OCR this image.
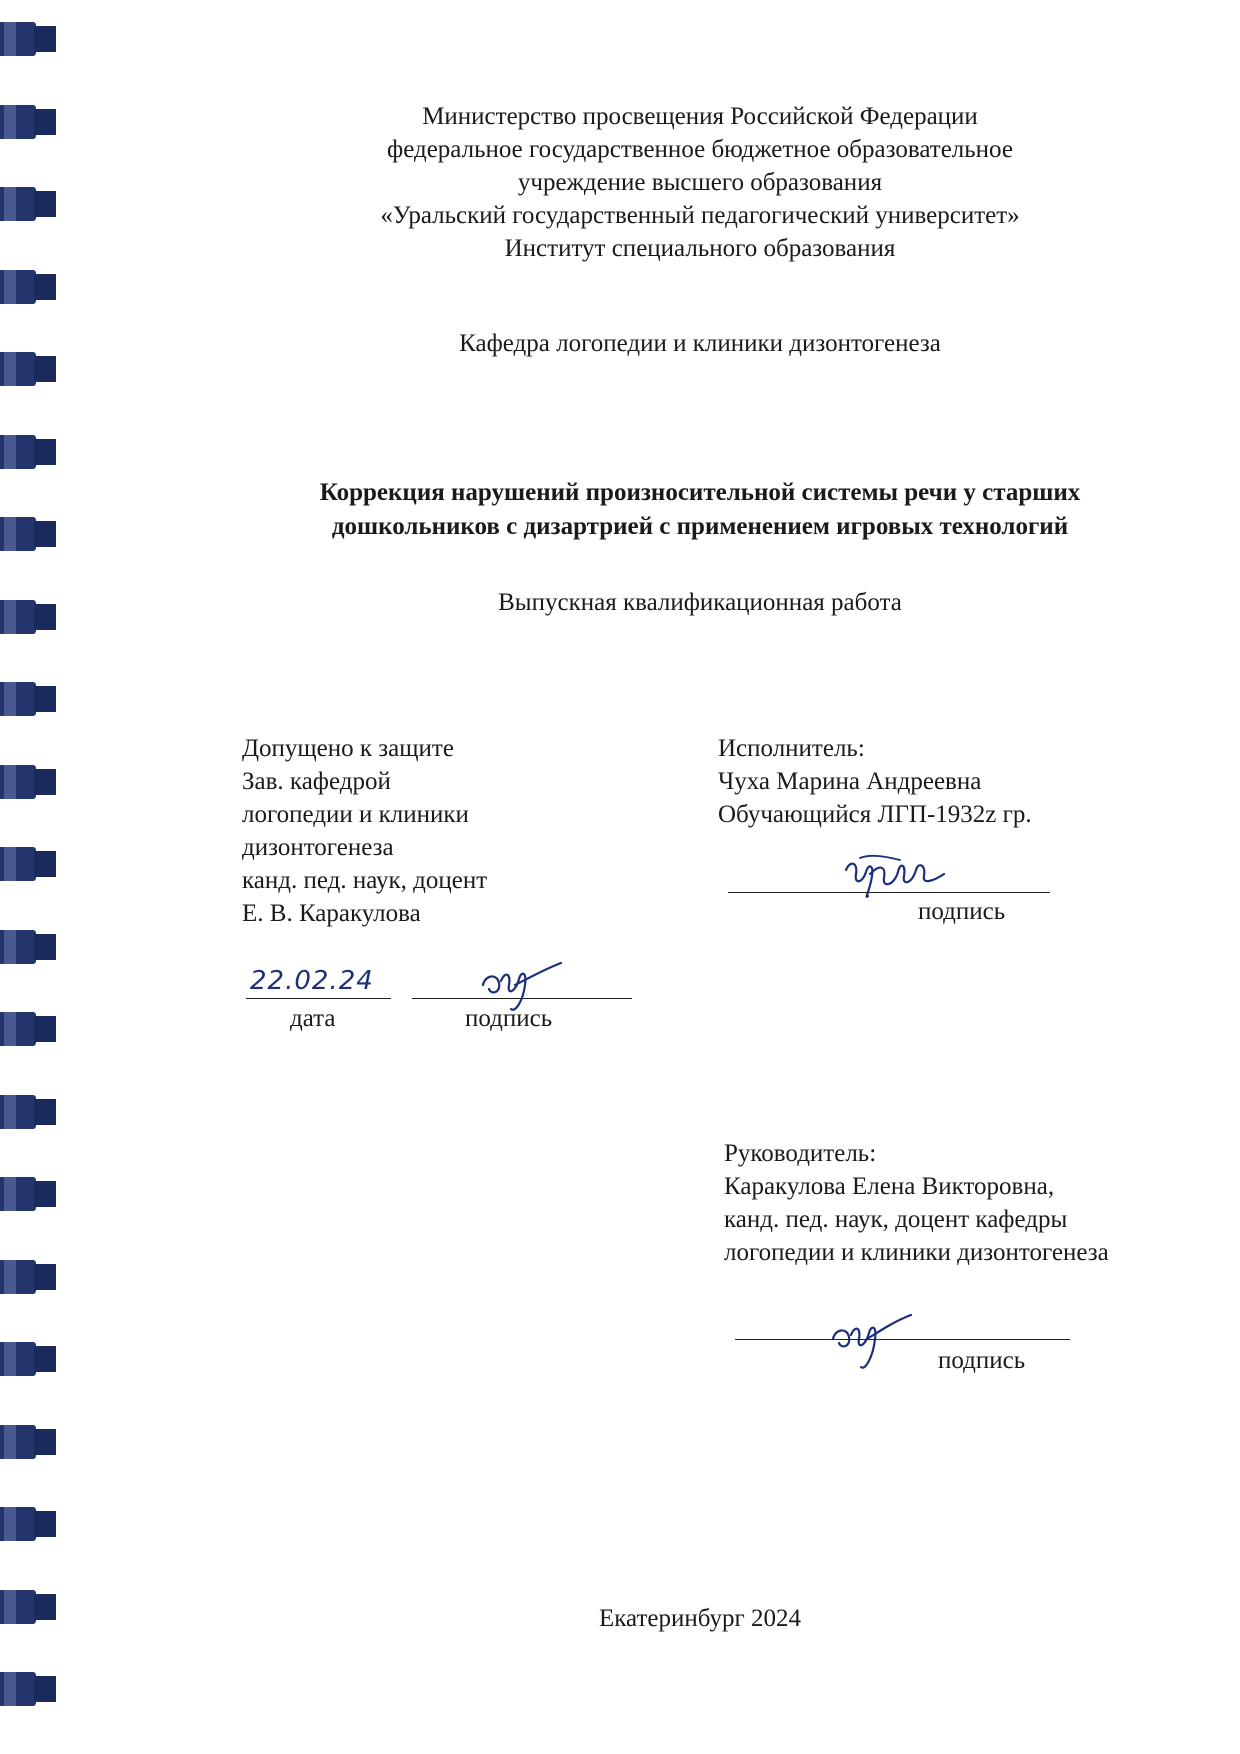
Министерство просвещения Российской Федерации
федеральное государственное бюджетное образовательное
учреждение высшего образования
«Уральский государственный педагогический университет»
Институт специального образования
Кафедра логопедии и клиники дизонтогенеза
Коррекция нарушений произносительной системы речи у старших
дошкольников с дизартрией с применением игровых технологий
Выпускная квалификационная работа
Допущено к защите
Зав. кафедрой
логопедии и клиники
дизонтогенеза
канд. пед. наук, доцент
Е. В. Каракулова
22.02.24
дата	подпись
Исполнитель:
Чуха Марина Андреевна
Обучающийся ЛГП-1932z гр.
подпись
Руководитель:
Каракулова Елена Викторовна,
канд. пед. наук, доцент кафедры
логопедии и клиники дизонтогенеза
подпись
Екатеринбург 2024
